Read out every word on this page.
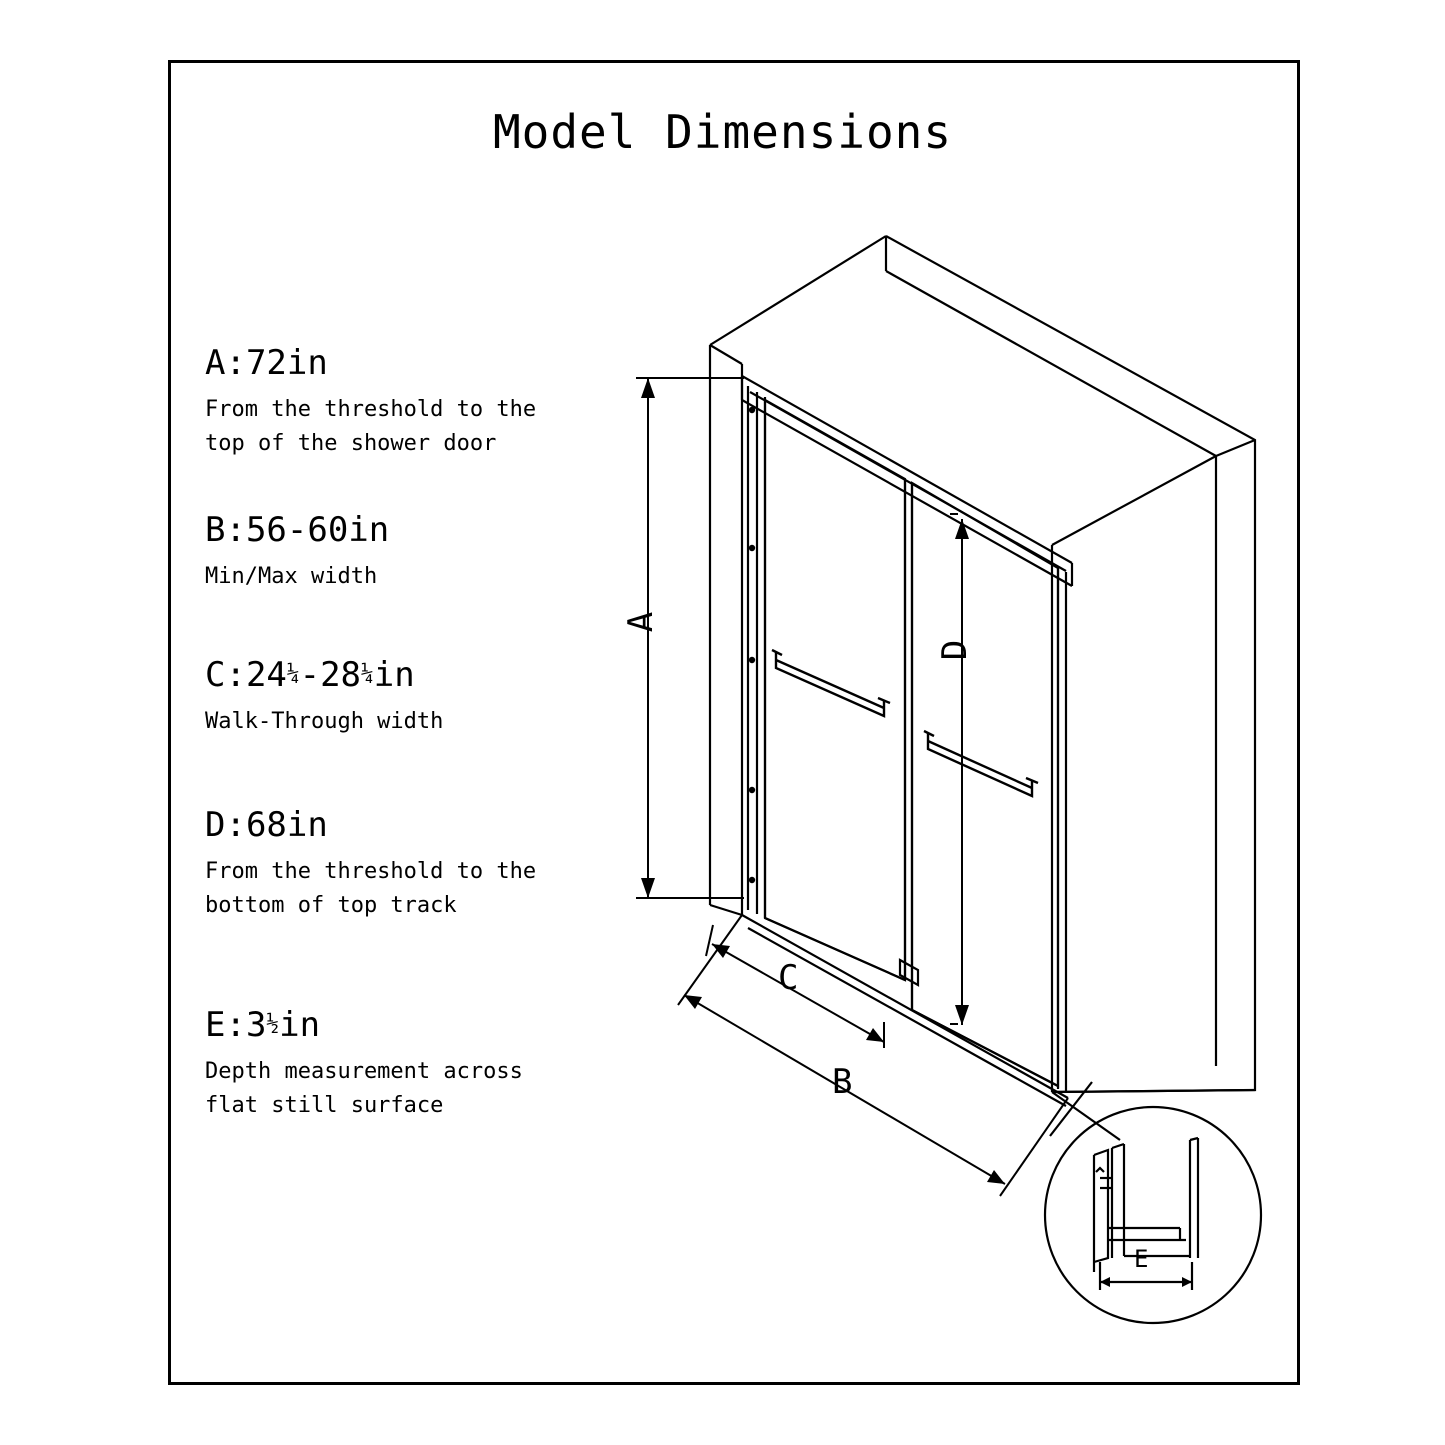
Model Dimensions
A:72in
From the threshold to the top of the shower door
B:56-60in
Min/Max width
C:24¼-28¼in
Walk-Through width
D:68in
From the threshold to the bottom of top track
E:3½in
Depth measurement across flat still surface
A
D
C
B
E
